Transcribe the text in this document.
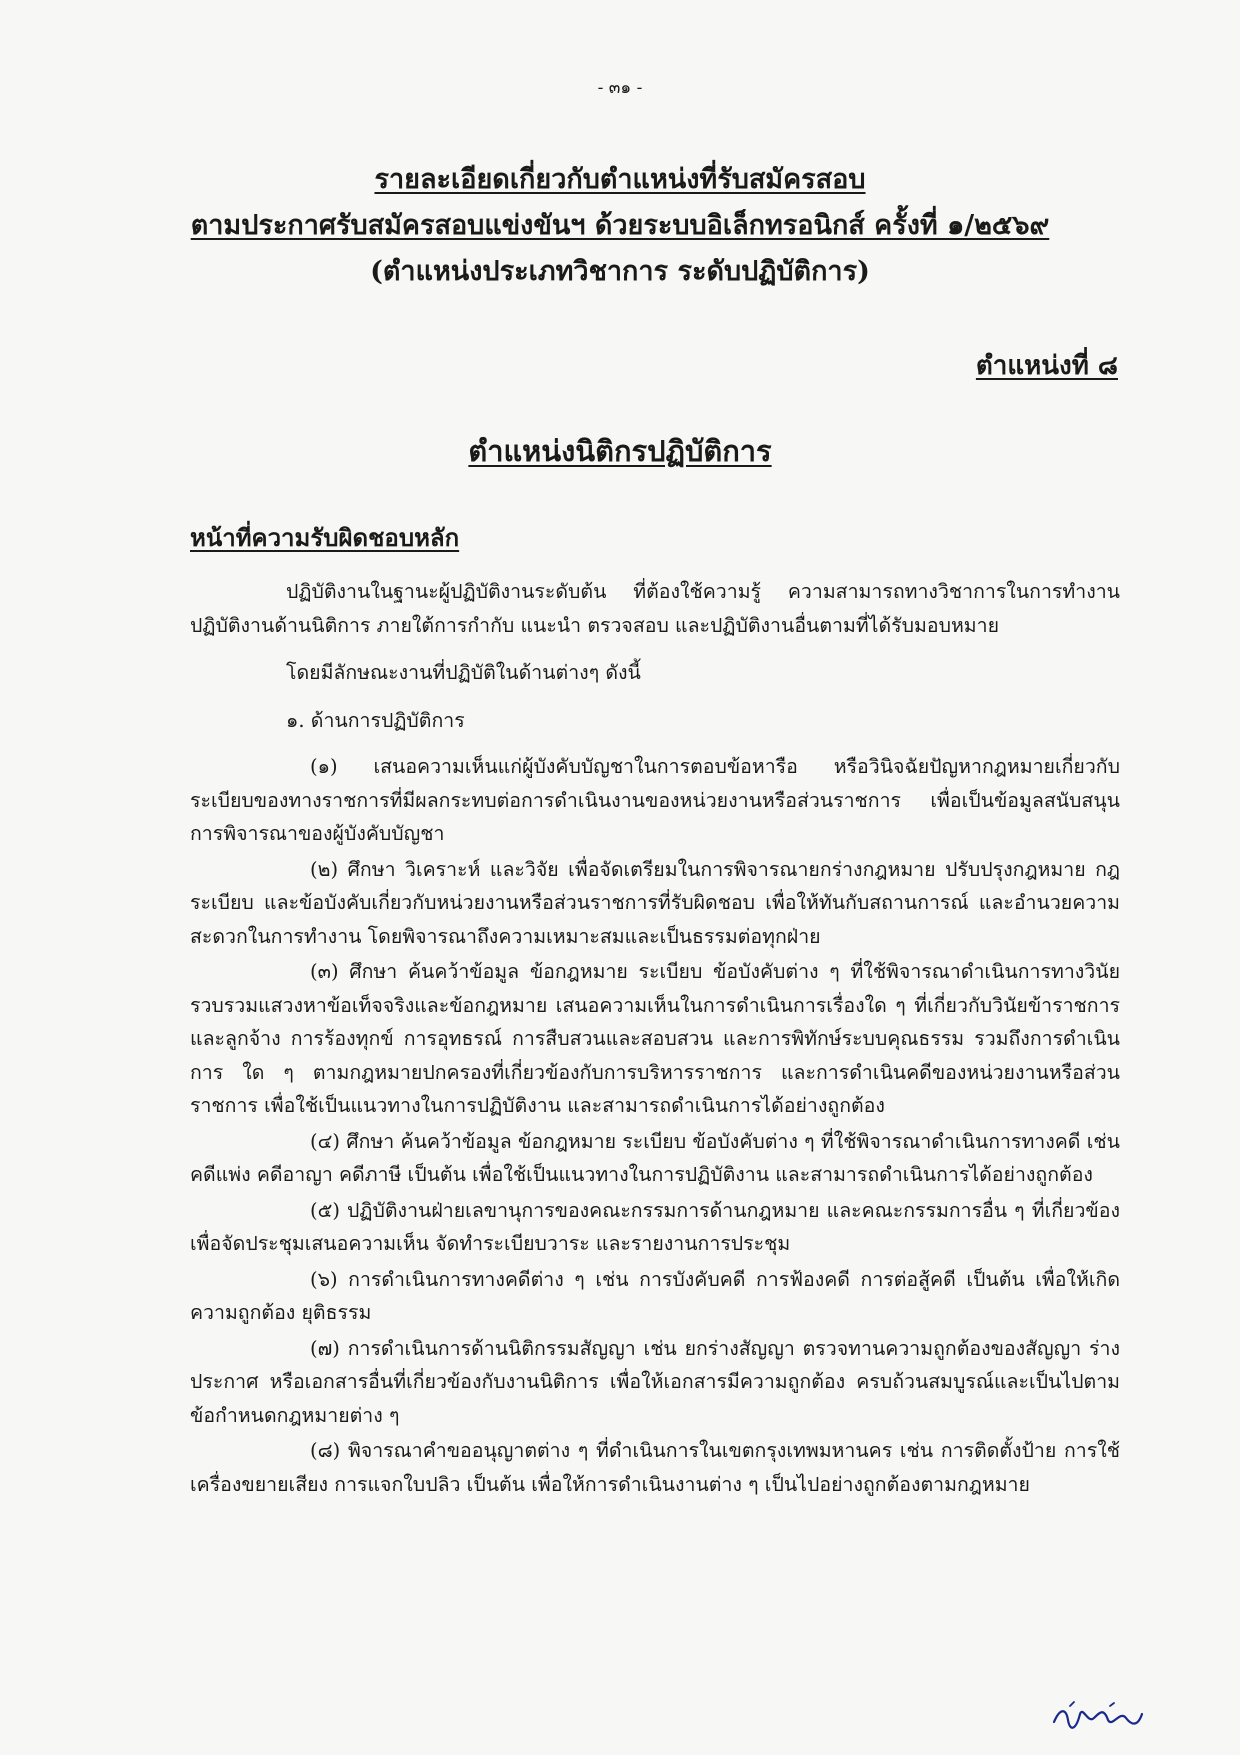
- ๓๑ -
รายละเอียดเกี่ยวกับตำแหน่งที่รับสมัครสอบ
ตามประกาศรับสมัครสอบแข่งขันฯ ด้วยระบบอิเล็กทรอนิกส์ ครั้งที่ ๑/๒๕๖๙
(ตำแหน่งประเภทวิชาการ ระดับปฏิบัติการ)
ตำแหน่งที่ ๘
ตำแหน่งนิติกรปฏิบัติการ
หน้าที่ความรับผิดชอบหลัก

ปฏิบัติงานในฐานะผู้ปฏิบัติงานระดับต้น ที่ต้องใช้ความรู้ ความสามารถทางวิชาการในการทำงาน ปฏิบัติงานด้านนิติการ ภายใต้การกำกับ แนะนำ ตรวจสอบ และปฏิบัติงานอื่นตามที่ได้รับมอบหมาย

โดยมีลักษณะงานที่ปฏิบัติในด้านต่างๆ ดังนี้

๑. ด้านการปฏิบัติการ

(๑) เสนอความเห็นแก่ผู้บังคับบัญชาในการตอบข้อหารือ หรือวินิจฉัยปัญหากฎหมายเกี่ยวกับระเบียบของทางราชการที่มีผลกระทบต่อการดำเนินงานของหน่วยงานหรือส่วนราชการ เพื่อเป็นข้อมูลสนับสนุนการพิจารณาของผู้บังคับบัญชา

(๒) ศึกษา วิเคราะห์ และวิจัย เพื่อจัดเตรียมในการพิจารณายกร่างกฎหมาย ปรับปรุงกฎหมาย กฎ ระเบียบ และข้อบังคับเกี่ยวกับหน่วยงานหรือส่วนราชการที่รับผิดชอบ เพื่อให้ทันกับสถานการณ์ และอำนวยความสะดวกในการทำงาน โดยพิจารณาถึงความเหมาะสมและเป็นธรรมต่อทุกฝ่าย

(๓) ศึกษา ค้นคว้าข้อมูล ข้อกฎหมาย ระเบียบ ข้อบังคับต่าง ๆ ที่ใช้พิจารณาดำเนินการทางวินัย รวบรวมแสวงหาข้อเท็จจริงและข้อกฎหมาย เสนอความเห็นในการดำเนินการเรื่องใด ๆ ที่เกี่ยวกับวินัยข้าราชการและลูกจ้าง การร้องทุกข์ การอุทธรณ์ การสืบสวนและสอบสวน และการพิทักษ์ระบบคุณธรรม รวมถึงการดำเนินการ ใด ๆ ตามกฎหมายปกครองที่เกี่ยวข้องกับการบริหารราชการ และการดำเนินคดีของหน่วยงานหรือส่วนราชการ เพื่อใช้เป็นแนวทางในการปฏิบัติงาน และสามารถดำเนินการได้อย่างถูกต้อง

(๔) ศึกษา ค้นคว้าข้อมูล ข้อกฎหมาย ระเบียบ ข้อบังคับต่าง ๆ ที่ใช้พิจารณาดำเนินการทางคดี เช่น คดีแพ่ง คดีอาญา คดีภาษี เป็นต้น เพื่อใช้เป็นแนวทางในการปฏิบัติงาน และสามารถดำเนินการได้อย่างถูกต้อง

(๕) ปฏิบัติงานฝ่ายเลขานุการของคณะกรรมการด้านกฎหมาย และคณะกรรมการอื่น ๆ ที่เกี่ยวข้องเพื่อจัดประชุมเสนอความเห็น จัดทำระเบียบวาระ และรายงานการประชุม

(๖) การดำเนินการทางคดีต่าง ๆ เช่น การบังคับคดี การฟ้องคดี การต่อสู้คดี เป็นต้น เพื่อให้เกิดความถูกต้อง ยุติธรรม

(๗) การดำเนินการด้านนิติกรรมสัญญา เช่น ยกร่างสัญญา ตรวจทานความถูกต้องของสัญญา ร่างประกาศ หรือเอกสารอื่นที่เกี่ยวข้องกับงานนิติการ เพื่อให้เอกสารมีความถูกต้อง ครบถ้วนสมบูรณ์และเป็นไปตามข้อกำหนดกฎหมายต่าง ๆ

(๘) พิจารณาคำขออนุญาตต่าง ๆ ที่ดำเนินการในเขตกรุงเทพมหานคร เช่น การติดตั้งป้าย การใช้เครื่องขยายเสียง การแจกใบปลิว เป็นต้น เพื่อให้การดำเนินงานต่าง ๆ เป็นไปอย่างถูกต้องตามกฎหมาย
